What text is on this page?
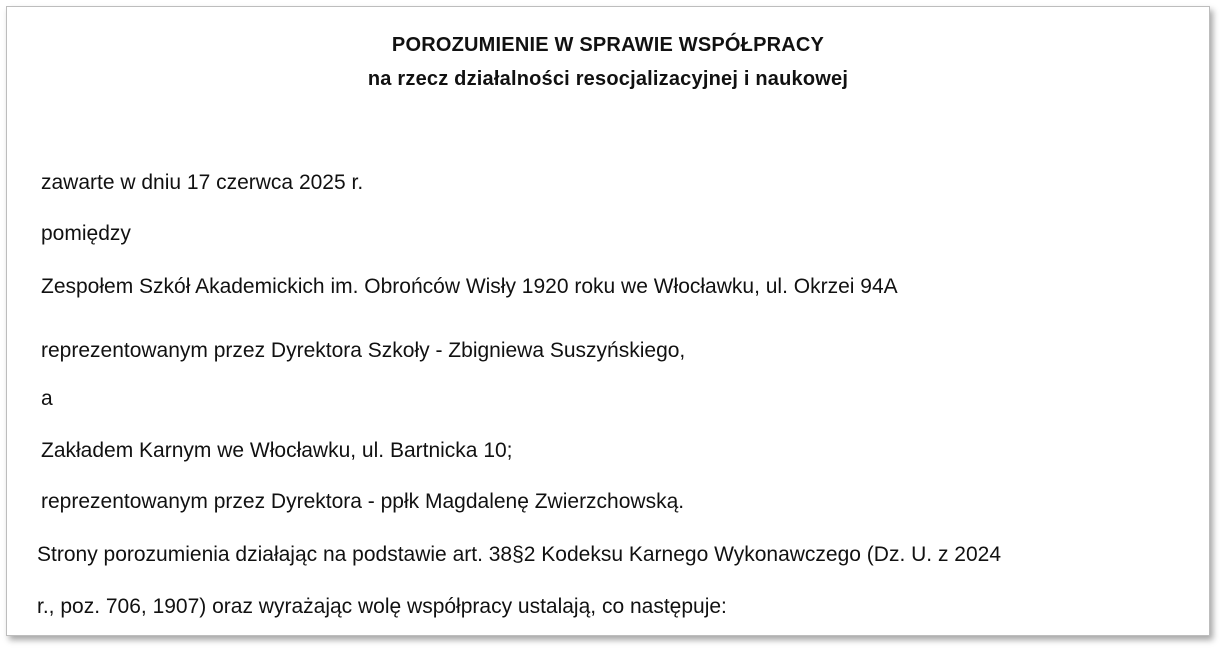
POROZUMIENIE W SPRAWIE WSPÓŁPRACY
na rzecz działalności resocjalizacyjnej i naukowej
zawarte w dniu 17 czerwca 2025 r.
pomiędzy
Zespołem Szkół Akademickich im. Obrońców Wisły 1920 roku we Włocławku, ul. Okrzei 94A
reprezentowanym przez Dyrektora Szkoły - Zbigniewa Suszyńskiego,
a
Zakładem Karnym we Włocławku, ul. Bartnicka 10;
reprezentowanym przez Dyrektora - ppłk Magdalenę Zwierzchowską.
Strony porozumienia działając na podstawie art. 38§2 Kodeksu Karnego Wykonawczego (Dz. U. z 2024
r., poz. 706, 1907) oraz wyrażając wolę współpracy ustalają, co następuje:
